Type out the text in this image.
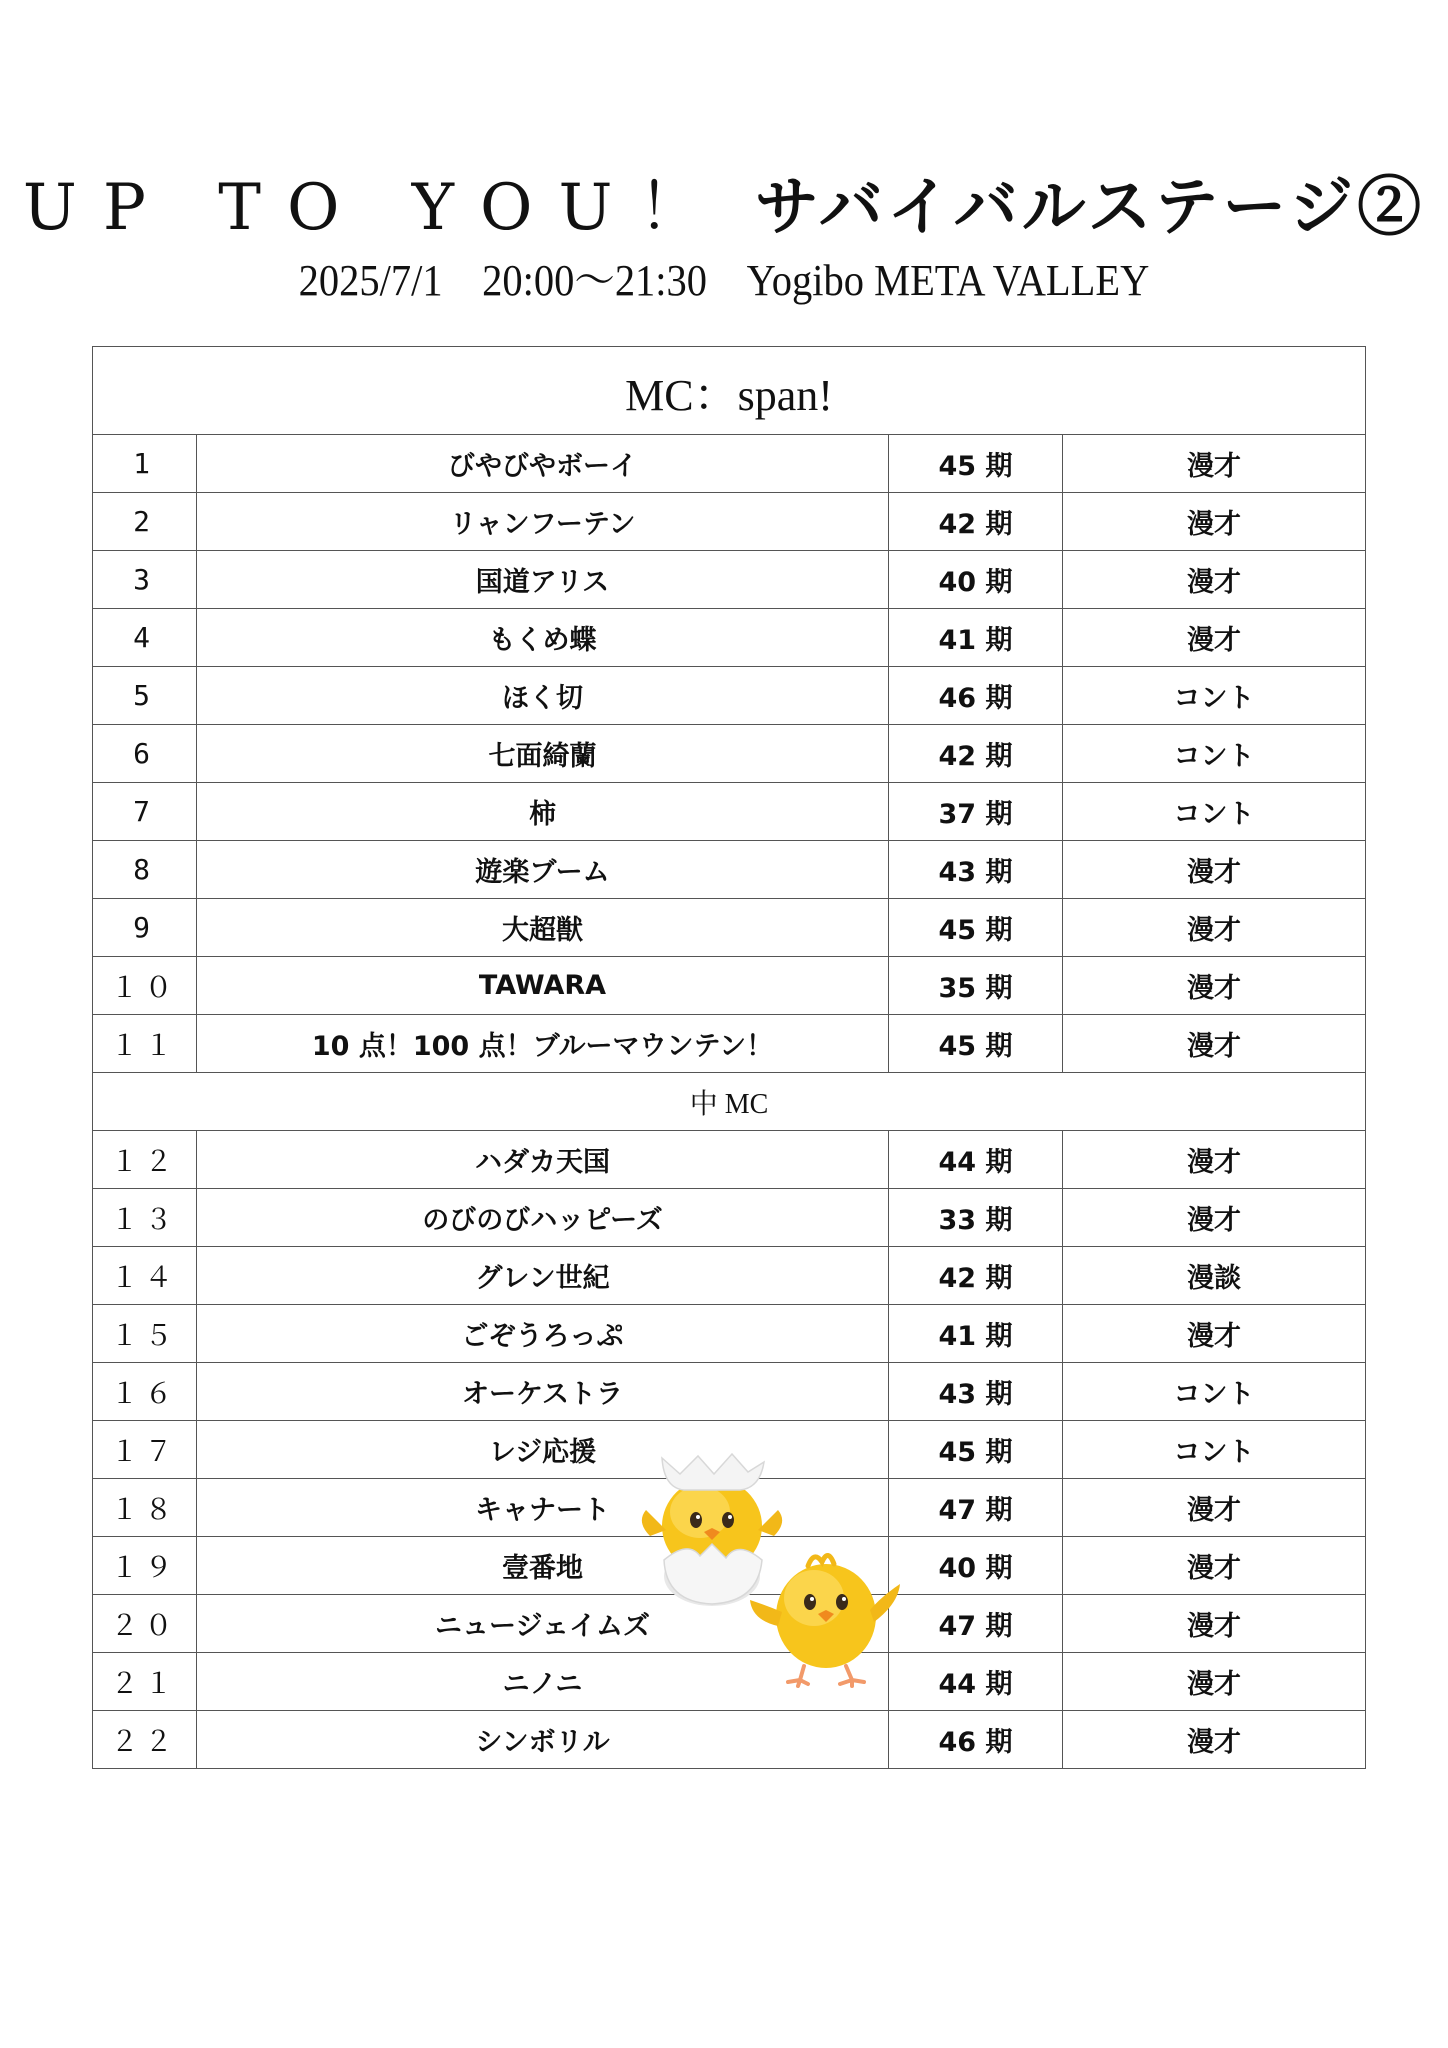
UP TO YOU！ サバイバルステージ②
2025/7/1 20:00～21:30 Yogibo META VALLEY
MC：span!			
1	びやびやボーイ	45 期	漫才
2	リャンフーテン	42 期	漫才
3	国道アリス	40 期	漫才
4	もくめ蝶	41 期	漫才
5	ほく切	46 期	コント
6	七面綺蘭	42 期	コント
7	柿	37 期	コント
8	遊楽ブーム	43 期	漫才
9	大超獣	45 期	漫才
１０	TAWARA	35 期	漫才
１１	10 点！100 点！ブルーマウンテン！	45 期	漫才
中 MC			
１２	ハダカ天国	44 期	漫才
１３	のびのびハッピーズ	33 期	漫才
１４	グレン世紀	42 期	漫談
１５	ごぞうろっぷ	41 期	漫才
１６	オーケストラ	43 期	コント
１７	レジ応援	45 期	コント
１８	キャナート	47 期	漫才
１９	壹番地	40 期	漫才
２０	ニュージェイムズ	47 期	漫才
２１	ニノニ	44 期	漫才
２２	シンボリル	46 期	漫才
